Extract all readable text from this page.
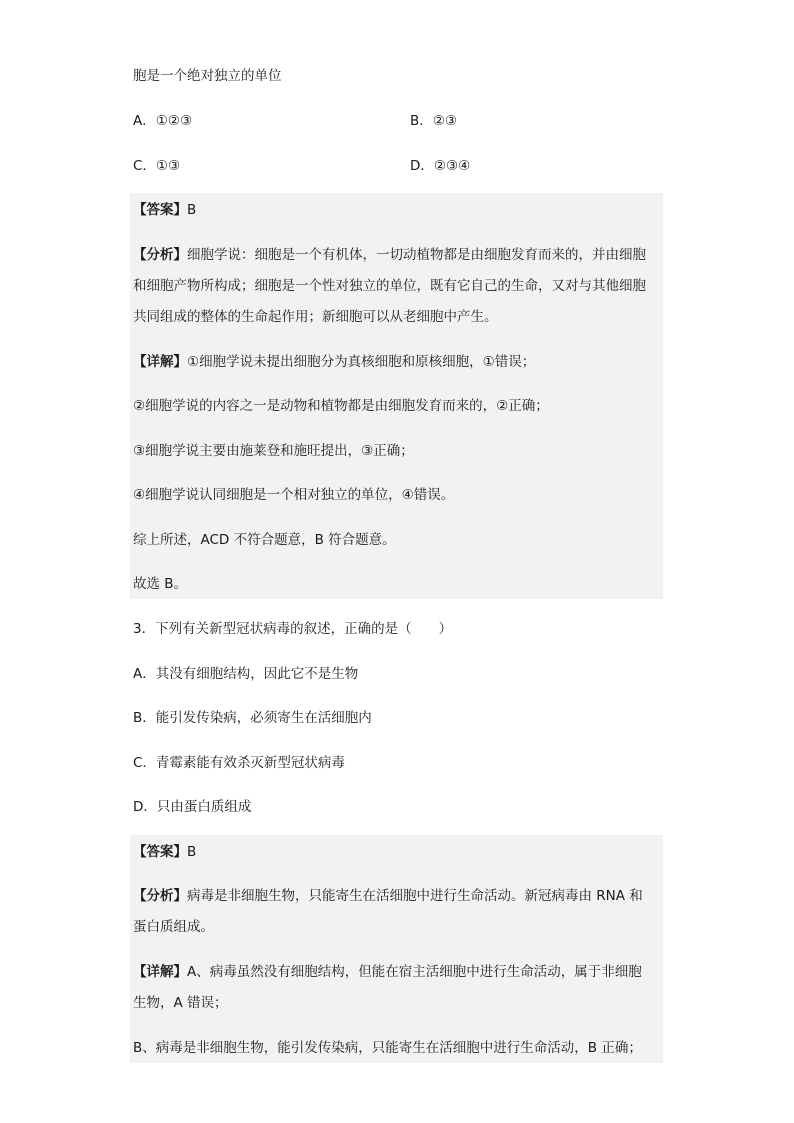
胞是一个绝对独立的单位
A．①②③	B．②③
C．①③	D．②③④
【答案】B
【分析】细胞学说：细胞是一个有机体，一切动植物都是由细胞发育而来的，并由细胞
和细胞产物所构成；细胞是一个性对独立的单位，既有它自己的生命，又对与其他细胞
共同组成的整体的生命起作用；新细胞可以从老细胞中产生。
【详解】①细胞学说未提出细胞分为真核细胞和原核细胞，①错误；
②细胞学说的内容之一是动物和植物都是由细胞发育而来的，②正确；
③细胞学说主要由施莱登和施旺提出，③正确；
④细胞学说认同细胞是一个相对独立的单位，④错误。
综上所述，ACD 不符合题意，B 符合题意。
故选 B。
3．下列有关新型冠状病毒的叙述，正确的是（　　）
A．其没有细胞结构，因此它不是生物
B．能引发传染病，必须寄生在活细胞内
C．青霉素能有效杀灭新型冠状病毒
D．只由蛋白质组成
【答案】B
【分析】病毒是非细胞生物，只能寄生在活细胞中进行生命活动。新冠病毒由 RNA 和
蛋白质组成。
【详解】A、病毒虽然没有细胞结构，但能在宿主活细胞中进行生命活动，属于非细胞
生物，A 错误；
B、病毒是非细胞生物，能引发传染病，只能寄生在活细胞中进行生命活动，B 正确；
